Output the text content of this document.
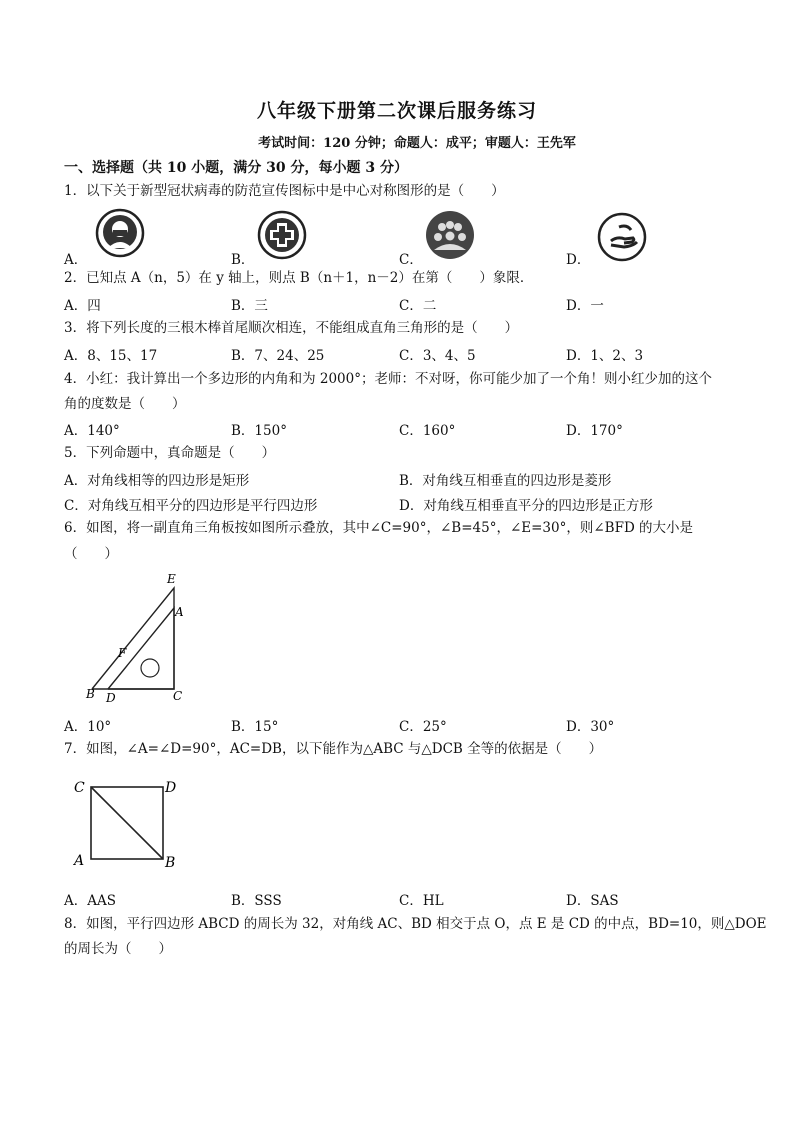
八年级下册第二次课后服务练习
考试时间：120 分钟；命题人：成平；审题人：王先军
一、选择题（共 10 小题，满分 30 分，每小题 3 分）
1．以下关于新型冠状病毒的防范宣传图标中是中心对称图形的是（　　）
A．	B．	C．	D．
2．已知点 A（n，5）在 y 轴上，则点 B（n＋1，n－2）在第（　　）象限．
A．四	B．三	C．二	D．一
3．将下列长度的三根木棒首尾顺次相连，不能组成直角三角形的是（　　）
A．8、15、17	B．7、24、25	C．3、4、5	D．1、2、3
4．小红：我计算出一个多边形的内角和为 2000°；老师：不对呀，你可能少加了一个角！则小红少加的这个
角的度数是（　　）
A．140°	B．150°	C．160°	D．170°
5．下列命题中，真命题是（　　）
A．对角线相等的四边形是矩形	B．对角线互相垂直的四边形是菱形
C．对角线互相平分的四边形是平行四边形	D．对角线互相垂直平分的四边形是正方形
6．如图，将一副直角三角板按如图所示叠放，其中∠C=90°，∠B=45°，∠E=30°，则∠BFD 的大小是
（　　）
E
A
F
B D	C
A．10°	B．15°	C．25°	D．30°
7．如图，∠A=∠D=90°，AC=DB，以下能作为△ABC 与△DCB 全等的依据是（　　）
C	D
A	B
A．AAS	B．SSS	C．HL	D．SAS
8．如图，平行四边形 ABCD 的周长为 32，对角线 AC、BD 相交于点 O，点 E 是 CD 的中点，BD=10，则△DOE
的周长为（　　）
